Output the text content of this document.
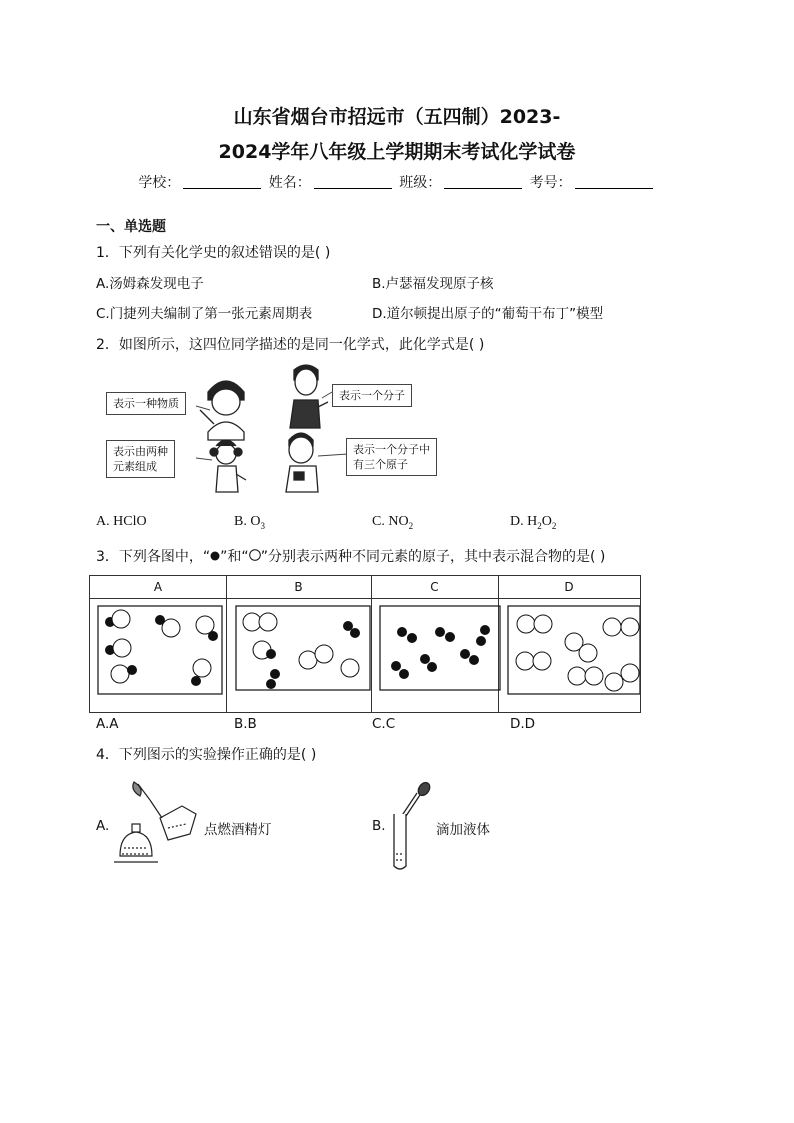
山东省烟台市招远市（五四制）2023-
2024学年八年级上学期期末考试化学试卷
学校：	姓名：	班级：	考号：
一、单选题
1．下列有关化学史的叙述错误的是( )
A.汤姆森发现电子	B.卢瑟福发现原子核
C.门捷列夫编制了第一张元素周期表	D.道尔顿提出原子的“葡萄干布丁”模型
2．如图所示，这四位同学描述的是同一化学式，此化学式是( )
表示一种物质
表示一个分子
表示由两种
元素组成
表示一个分子中
有三个原子
A. HClO	B. $O_3$	C. $NO_2$	D. $H_2O_2$
3．下列各图中，“ ”和“ ”分别表示两种不同元素的原子，其中表示混合物的是( )
A	B	C	D
A.A	B.B	C.C	D.D
4．下列图示的实验操作正确的是( )
A.	点燃酒精灯	B.	滴加液体
